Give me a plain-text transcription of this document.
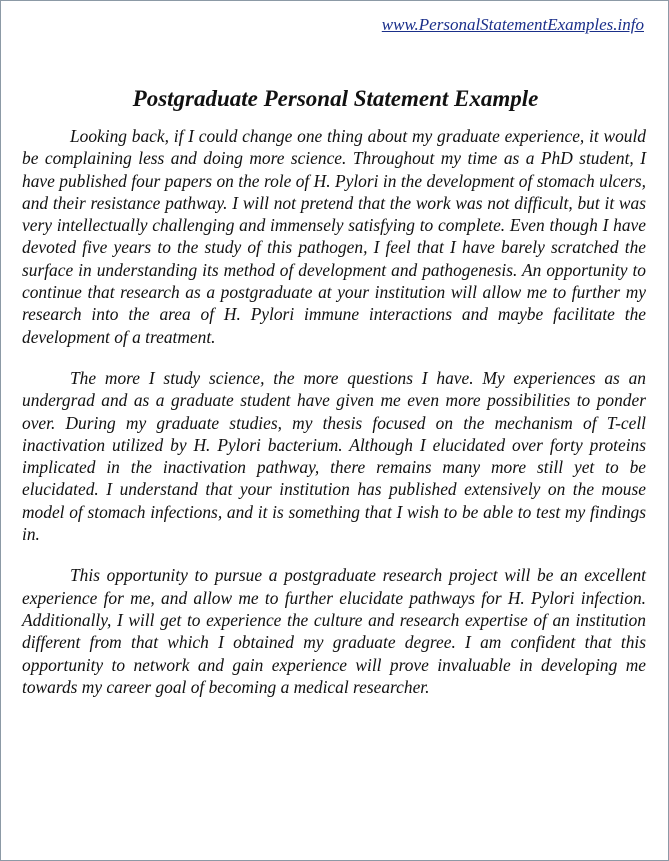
www.PersonalStatementExamples.info
Postgraduate Personal Statement Example

Looking back, if I could change one thing about my graduate experience, it would be complaining less and doing more science. Throughout my time as a PhD student, I have published four papers on the role of H. Pylori in the development of stomach ulcers, and their resistance pathway. I will not pretend that the work was not difficult, but it was very intellectually challenging and immensely satisfying to complete. Even though I have devoted five years to the study of this pathogen, I feel that I have barely scratched the surface in understanding its method of development and pathogenesis. An opportunity to continue that research as a postgraduate at your institution will allow me to further my research into the area of H. Pylori immune interactions and maybe facilitate the development of a treatment.

The more I study science, the more questions I have. My experiences as an undergrad and as a graduate student have given me even more possibilities to ponder over. During my graduate studies, my thesis focused on the mechanism of T-cell inactivation utilized by H. Pylori bacterium. Although I elucidated over forty proteins implicated in the inactivation pathway, there remains many more still yet to be elucidated. I understand that your institution has published extensively on the mouse model of stomach infections, and it is something that I wish to be able to test my findings in.

This opportunity to pursue a postgraduate research project will be an excellent experience for me, and allow me to further elucidate pathways for H. Pylori infection. Additionally, I will get to experience the culture and research expertise of an institution different from that which I obtained my graduate degree. I am confident that this opportunity to network and gain experience will prove invaluable in developing me towards my career goal of becoming a medical researcher.
